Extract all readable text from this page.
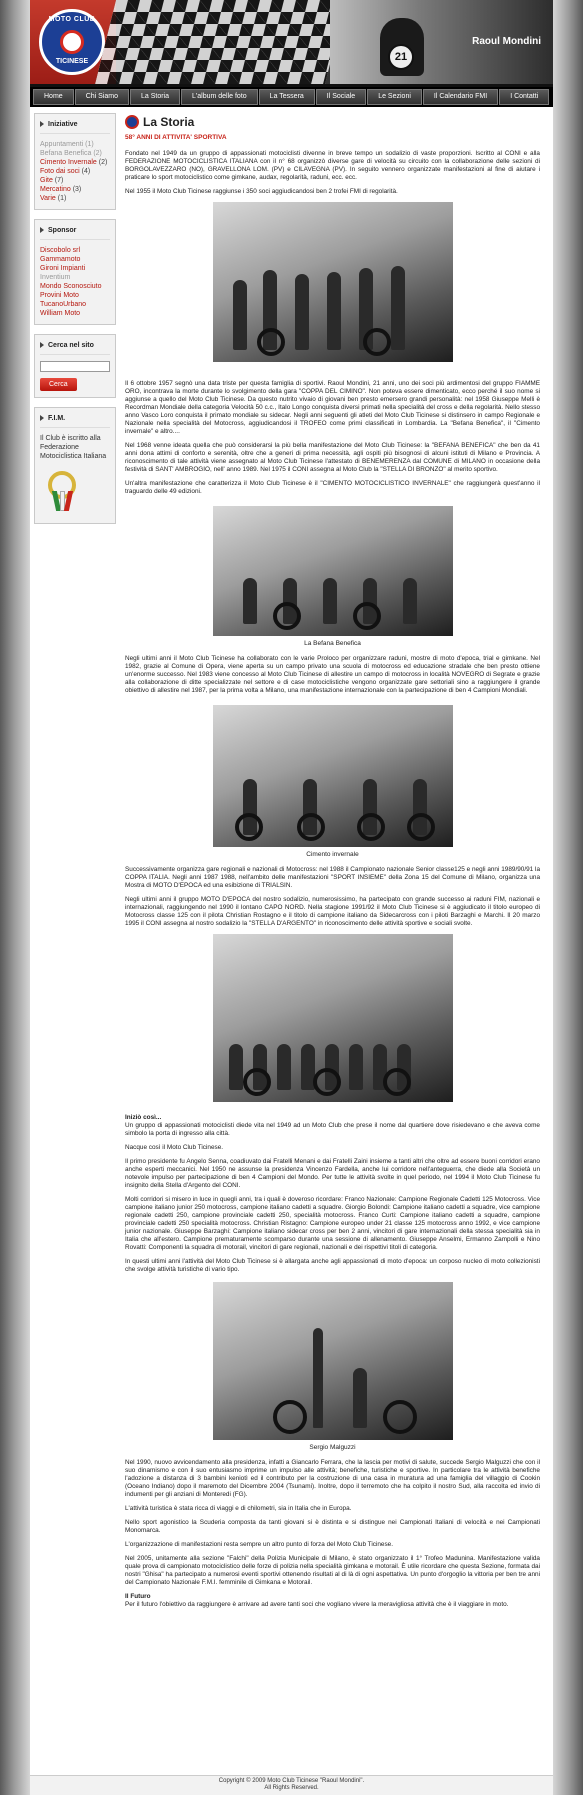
MOTO CLUB
TICINESE	21
Raoul Mondini
Home	Chi Siamo	La Storia	L'album delle foto	La Tessera	Il Sociale	Le Sezioni	Il Calendario FMI	I Contatti
Iniziative
Appuntamenti (1)
Befana Benefica (2)
Cimento Invernale (2)
Foto dai soci (4)
Gite (7)
Mercatino (3)
Varie (1)
Sponsor
Discobolo srl
Gammamoto
Gironi Impianti
Inventium
Mondo Sconosciuto
Provini Moto
TucanoUrbano
William Moto
Cerca nel sito
Cerca
F.I.M.
Il Club è iscritto alla Federazione Motociclistica Italiana
La Storia
58° ANNI DI ATTIVITA' SPORTIVA

Fondato nel 1949 da un gruppo di appassionati motociclisti divenne in breve tempo un sodalizio di vaste proporzioni. Iscritto al CONI e alla FEDERAZIONE MOTOCICLISTICA ITALIANA con il n° 68 organizzò diverse gare di velocità su circuito con la collaborazione delle sezioni di BORGOLAVEZZARO (NO), GRAVELLONA LOM. (PV) e CILAVEGNA (PV). In seguito vennero organizzate manifestazioni al fine di aiutare i praticare lo sport motociclistico come gimkane, audax, regolarità, raduni, ecc. ecc.

Nel 1955 il Moto Club Ticinese raggiunse i 350 soci aggiudicandosi ben 2 trofei FMI di regolarità.

Il 6 ottobre 1957 segnò una data triste per questa famiglia di sportivi. Raoul Mondini, 21 anni, uno dei soci più ardimentosi del gruppo FIAMME ORO, incontrava la morte durante lo svolgimento della gara "COPPA DEL CIMINO". Non poteva essere dimenticato, ecco perché il suo nome si aggiunse a quello del Moto Club Ticinese. Da questo nutrito vivaio di giovani ben presto emersero grandi personalità: nel 1958 Giuseppe Melli è Recordman Mondiale della categoria Velocità 50 c.c., Italo Longo conquista diversi primati nella specialità del cross e della regolarità. Nello stesso anno Vasco Loro conquista il primato mondiale su sidecar. Negli anni seguenti gli atleti del Moto Club Ticinese si distinsero in campo Regionale e Nazionale nella specialità del Motocross, aggiudicandosi il TROFEO come primi classificati in Lombardia. La "Befana Benefica", il "Cimento invernale" e altro....

Nel 1968 venne ideata quella che può considerarsi la più bella manifestazione del Moto Club Ticinese: la "BEFANA BENEFICA" che ben da 41 anni dona attimi di conforto e serenità, oltre che a generi di prima necessità, agli ospiti più bisognosi di alcuni istituti di Milano e Provincia. A riconoscimento di tale attività viene assegnato al Moto Club Ticinese l'attestato di BENEMERENZA dal COMUNE di MILANO in occasione della festività di SANT' AMBROGIO, nell' anno 1989. Nel 1975 il CONI assegna al Moto Club la "STELLA DI BRONZO" al merito sportivo.

Un'altra manifestazione che caratterizza il Moto Club Ticinese è il "CIMENTO MOTOCICLISTICO INVERNALE" che raggiungerà quest'anno il traguardo delle 49 edizioni.

La Befana Benefica

Negli ultimi anni il Moto Club Ticinese ha collaborato con le varie Proloco per organizzare raduni, mostre di moto d'epoca, trial e gimkane. Nel 1982, grazie al Comune di Opera, viene aperta su un campo privato una scuola di motocross ed educazione stradale che ben presto ottiene un'enorme successo. Nel 1983 viene concesso al Moto Club Ticinese di allestire un campo di motocross in località NOVEGRO di Segrate e grazie alla collaborazione di ditte specializzate nel settore e di case motociclistiche vengono organizzate gare settoriali sino a raggiungere il grande obiettivo di allestire nel 1987, per la prima volta a Milano, una manifestazione internazionale con la partecipazione di ben 4 Campioni Mondiali.

Cimento invernale

Successivamente organizza gare regionali e nazionali di Motocross: nel 1988 il Campionato nazionale Senior classe125 e negli anni 1989/90/91 la COPPA ITALIA. Negli anni 1987 1988, nell'ambito delle manifestazioni "SPORT INSIEME" della Zona 15 del Comune di Milano, organizza una Mostra di MOTO D'EPOCA ed una esibizione di TRIALSIN.

Negli ultimi anni il gruppo MOTO D'EPOCA del nostro sodalizio, numerosissimo, ha partecipato con grande successo ai raduni FIM, nazionali e internazionali, raggiungendo nel 1990 il lontano CAPO NORD. Nella stagione 1991/92 il Moto Club Ticinese si è aggiudicato il titolo europeo di Motocross classe 125 con il pilota Christian Rostagno e il titolo di campione italiano da Sidecarcross con i piloti Barzaghi e Marchi. Il 20 marzo 1995 il CONI assegna al nostro sodalizio la "STELLA D'ARGENTO" in riconoscimento delle attività sportive e sociali svolte.

Iniziò così...
Un gruppo di appassionati motociclisti diede vita nel 1949 ad un Moto Club che prese il nome dal quartiere dove risiedevano e che aveva come simbolo la porta di ingresso alla città.

Nacque così il Moto Club Ticinese.

Il primo presidente fu Angelo Senna, coadiuvato dai Fratelli Menani e dai Fratelli Zaini insieme a tanti altri che oltre ad essere buoni corridori erano anche esperti meccanici. Nel 1950 ne assunse la presidenza Vincenzo Fardella, anche lui corridore nell'anteguerra, che diede alla Società un notevole impulso per partecipazione di ben 4 Campioni del Mondo. Per tutte le attività svolte in quel periodo, nel 1994 il Moto Club Ticinese fu insignito della Stella d'Argento del CONI.

Molti corridori si misero in luce in quegli anni, tra i quali è doveroso ricordare: Franco Nazionale: Campione Regionale Cadetti 125 Motocross. Vice campione italiano junior 250 motocross, campione italiano cadetti a squadre. Giorgio Bolondi: Campione italiano cadetti a squadre, vice campione regionale cadetti 250, campione provinciale cadetti 250, specialità motocross. Franco Curti: Campione italiano cadetti a squadre, campione provinciale cadetti 250 specialità motocross. Christian Ristagno: Campione europeo under 21 classe 125 motocross anno 1992, e vice campione junior nazionale. Giuseppe Barzaghi: Campione italiano sidecar cross per ben 2 anni, vincitori di gare internazionali della stessa specialità sia in Italia che all'estero. Campione prematuramente scomparso durante una sessione di allenamento. Giuseppe Anselmi, Ermanno Zampolli e Nino Rovatti: Componenti la squadra di motorail, vincitori di gare regionali, nazionali e dei rispettivi titoli di categoria.

In questi ultimi anni l'attività del Moto Club Ticinese si è allargata anche agli appassionati di moto d'epoca: un corposo nucleo di moto collezionisti che svolge attività turistiche di vario tipo.

Sergio Malguzzi

Nel 1990, nuovo avvicendamento alla presidenza, infatti a Giancarlo Ferrara, che la lascia per motivi di salute, succede Sergio Malguzzi che con il suo dinamismo e con il suo entusiasmo imprime un impulso alle attività; benefiche, turistiche e sportive. In particolare tra le attività benefiche l'adozione a distanza di 3 bambini keniotì ed il contributo per la costruzione di una casa in muratura ad una famiglia del villaggio di Cookin (Oceano Indiano) dopo il maremoto del Dicembre 2004 (Tsunami). Inoltre, dopo il terremoto che ha colpito il nostro Sud, alla raccolta ed invio di indumenti per gli anziani di Monteredi (FG).

L'attività turistica è stata ricca di viaggi e di chilometri, sia in Italia che in Europa.

Nello sport agonistico la Scuderia composta da tanti giovani si è distinta e si distingue nei Campionati Italiani di velocità e nei Campionati Monomarca.

L'organizzazione di manifestazioni resta sempre un altro punto di forza del Moto Club Ticinese.

Nel 2005, unitamente alla sezione "Falchi" della Polizia Municipale di Milano, è stato organizzato il 1° Trofeo Madunina. Manifestazione valida quale prova di campionato motociclistico delle forze di polizia nella specialità gimkana e motorail. È utile ricordare che questa Sezione, formata dai nostri "Ghisa" ha partecipato a numerosi eventi sportivi ottenendo risultati al di là di ogni aspettativa. Un punto d'orgoglio la vittoria per ben tre anni del Campionato Nazionale F.M.I. femminile di Gimkana e Motorail.

Il Futuro
Per il futuro l'obiettivo da raggiungere è arrivare ad avere tanti soci che vogliano vivere la meravigliosa attività che è il viaggiare in moto.

Copyright © 2009 Moto Club Ticinese "Raoul Mondini".
All Rights Reserved.
